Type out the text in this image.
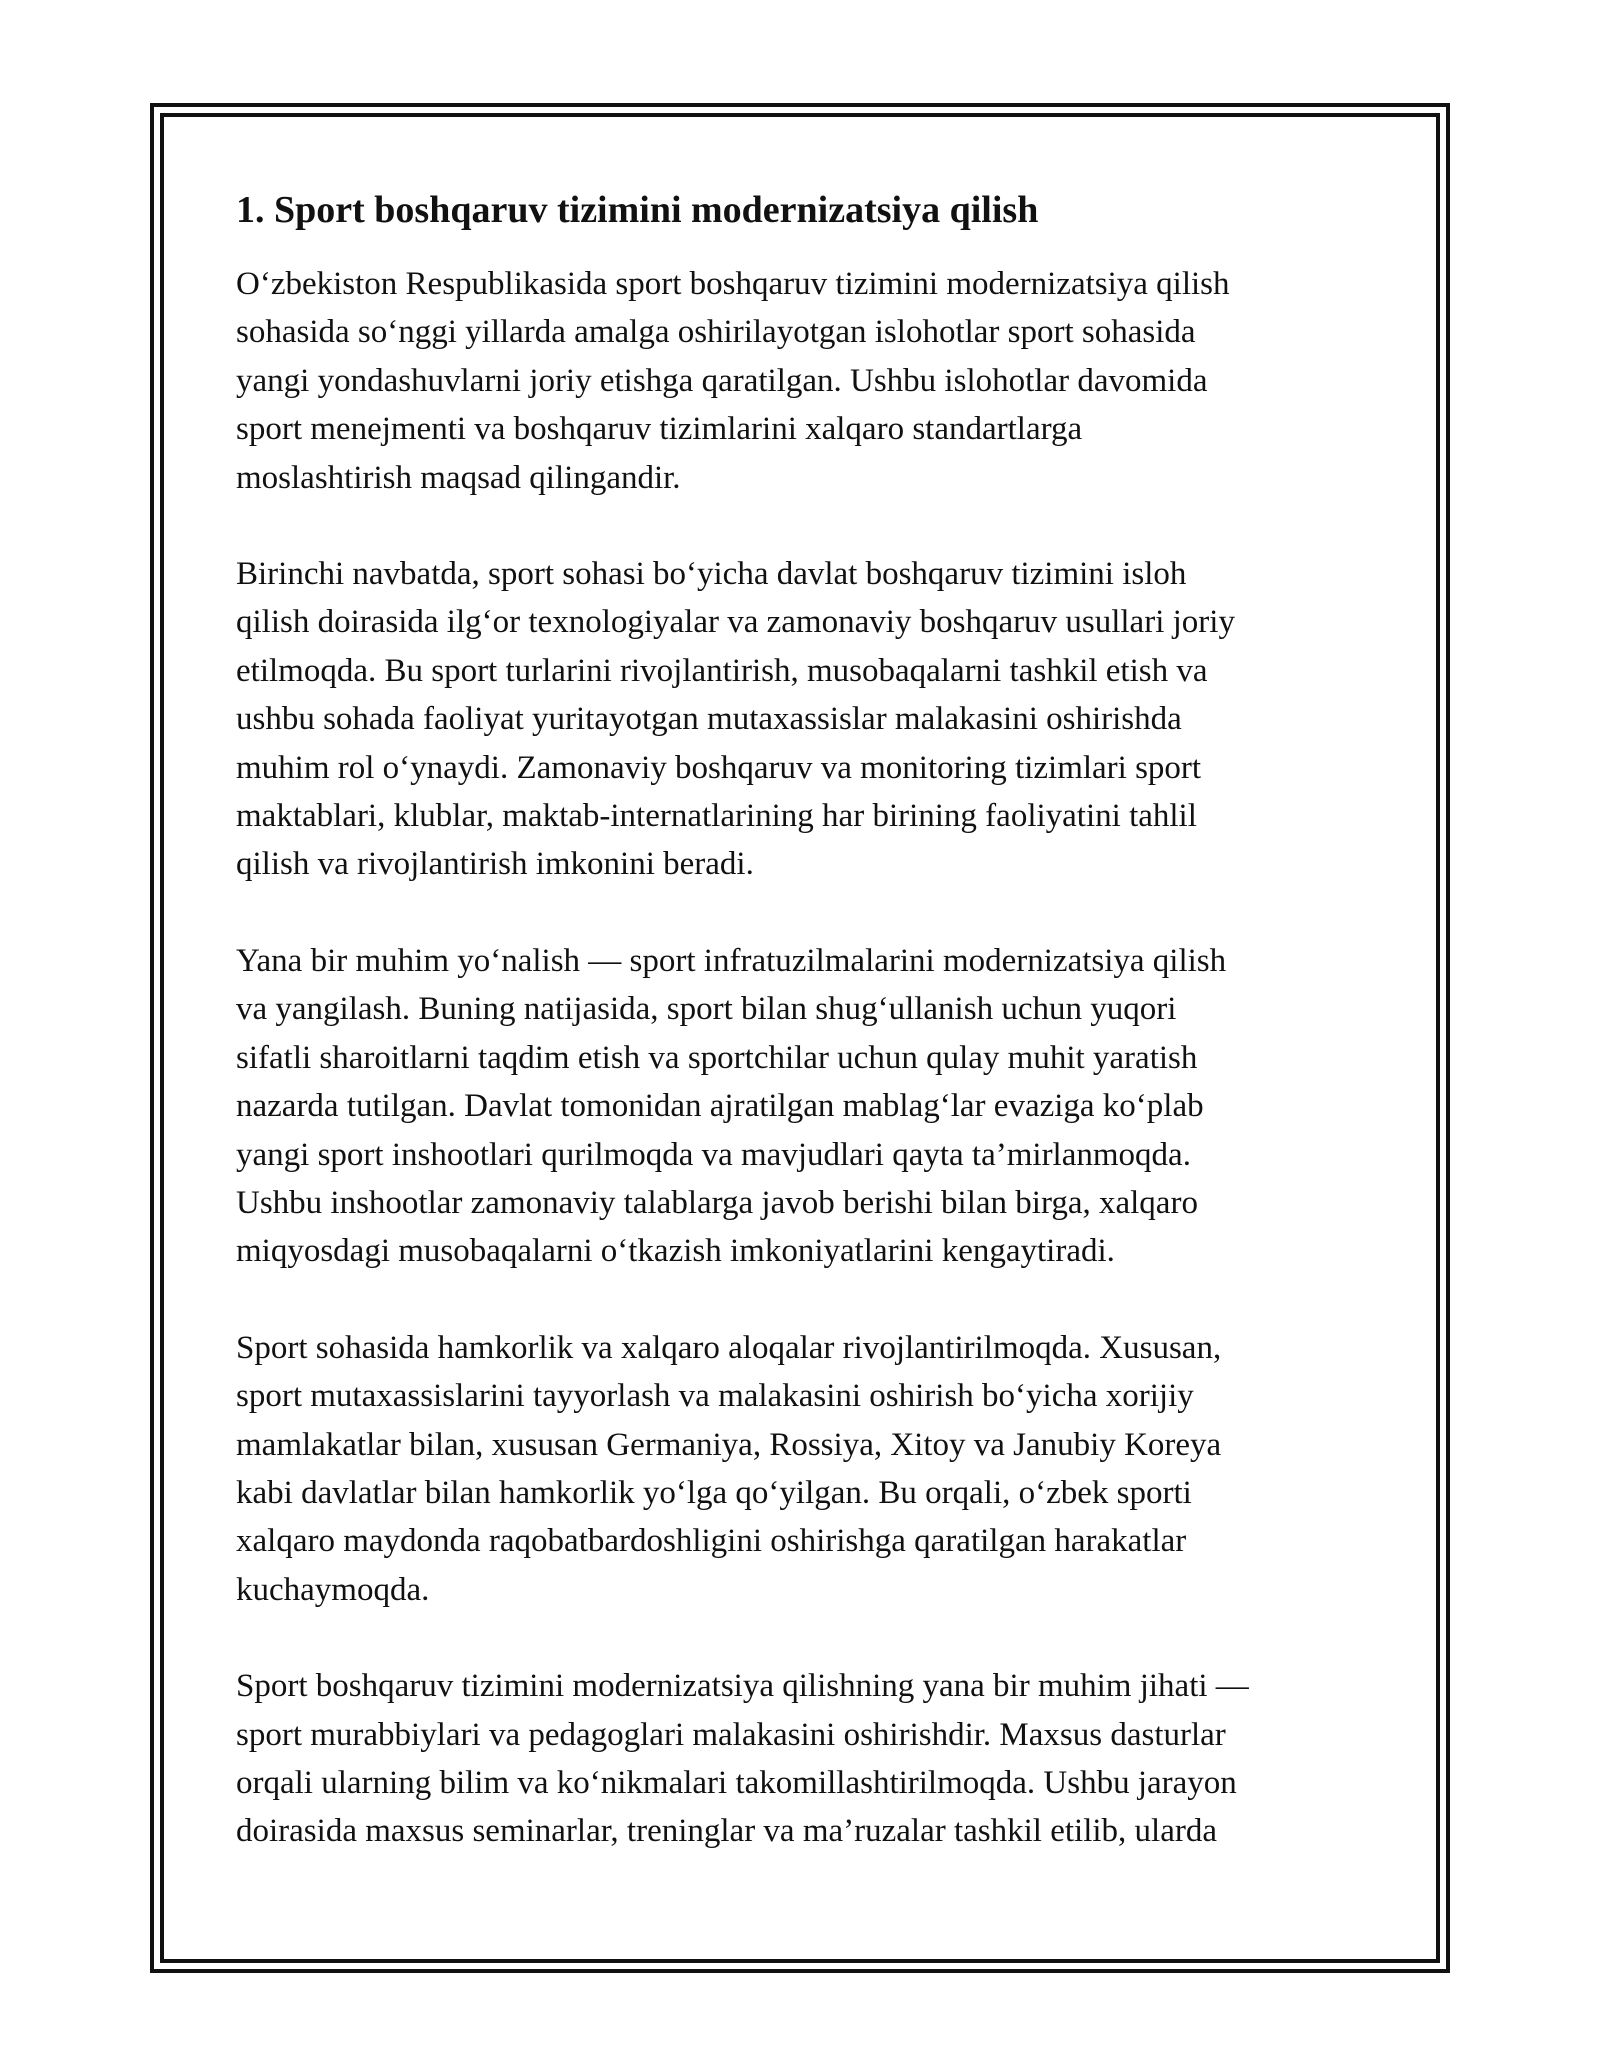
1. Sport boshqaruv tizimini modernizatsiya qilish
O‘zbekiston Respublikasida sport boshqaruv tizimini modernizatsiya qilish
sohasida so‘nggi yillarda amalga oshirilayotgan islohotlar sport sohasida
yangi yondashuvlarni joriy etishga qaratilgan. Ushbu islohotlar davomida
sport menejmenti va boshqaruv tizimlarini xalqaro standartlarga
moslashtirish maqsad qilingandir.
Birinchi navbatda, sport sohasi bo‘yicha davlat boshqaruv tizimini isloh
qilish doirasida ilg‘or texnologiyalar va zamonaviy boshqaruv usullari joriy
etilmoqda. Bu sport turlarini rivojlantirish, musobaqalarni tashkil etish va
ushbu sohada faoliyat yuritayotgan mutaxassislar malakasini oshirishda
muhim rol o‘ynaydi. Zamonaviy boshqaruv va monitoring tizimlari sport
maktablari, klublar, maktab-internatlarining har birining faoliyatini tahlil
qilish va rivojlantirish imkonini beradi.
Yana bir muhim yo‘nalish — sport infratuzilmalarini modernizatsiya qilish
va yangilash. Buning natijasida, sport bilan shug‘ullanish uchun yuqori
sifatli sharoitlarni taqdim etish va sportchilar uchun qulay muhit yaratish
nazarda tutilgan. Davlat tomonidan ajratilgan mablag‘lar evaziga ko‘plab
yangi sport inshootlari qurilmoqda va mavjudlari qayta ta’mirlanmoqda.
Ushbu inshootlar zamonaviy talablarga javob berishi bilan birga, xalqaro
miqyosdagi musobaqalarni o‘tkazish imkoniyatlarini kengaytiradi.
Sport sohasida hamkorlik va xalqaro aloqalar rivojlantirilmoqda. Xususan,
sport mutaxassislarini tayyorlash va malakasini oshirish bo‘yicha xorijiy
mamlakatlar bilan, xususan Germaniya, Rossiya, Xitoy va Janubiy Koreya
kabi davlatlar bilan hamkorlik yo‘lga qo‘yilgan. Bu orqali, o‘zbek sporti
xalqaro maydonda raqobatbardoshligini oshirishga qaratilgan harakatlar
kuchaymoqda.
Sport boshqaruv tizimini modernizatsiya qilishning yana bir muhim jihati —
sport murabbiylari va pedagoglari malakasini oshirishdir. Maxsus dasturlar
orqali ularning bilim va ko‘nikmalari takomillashtirilmoqda. Ushbu jarayon
doirasida maxsus seminarlar, treninglar va ma’ruzalar tashkil etilib, ularda
